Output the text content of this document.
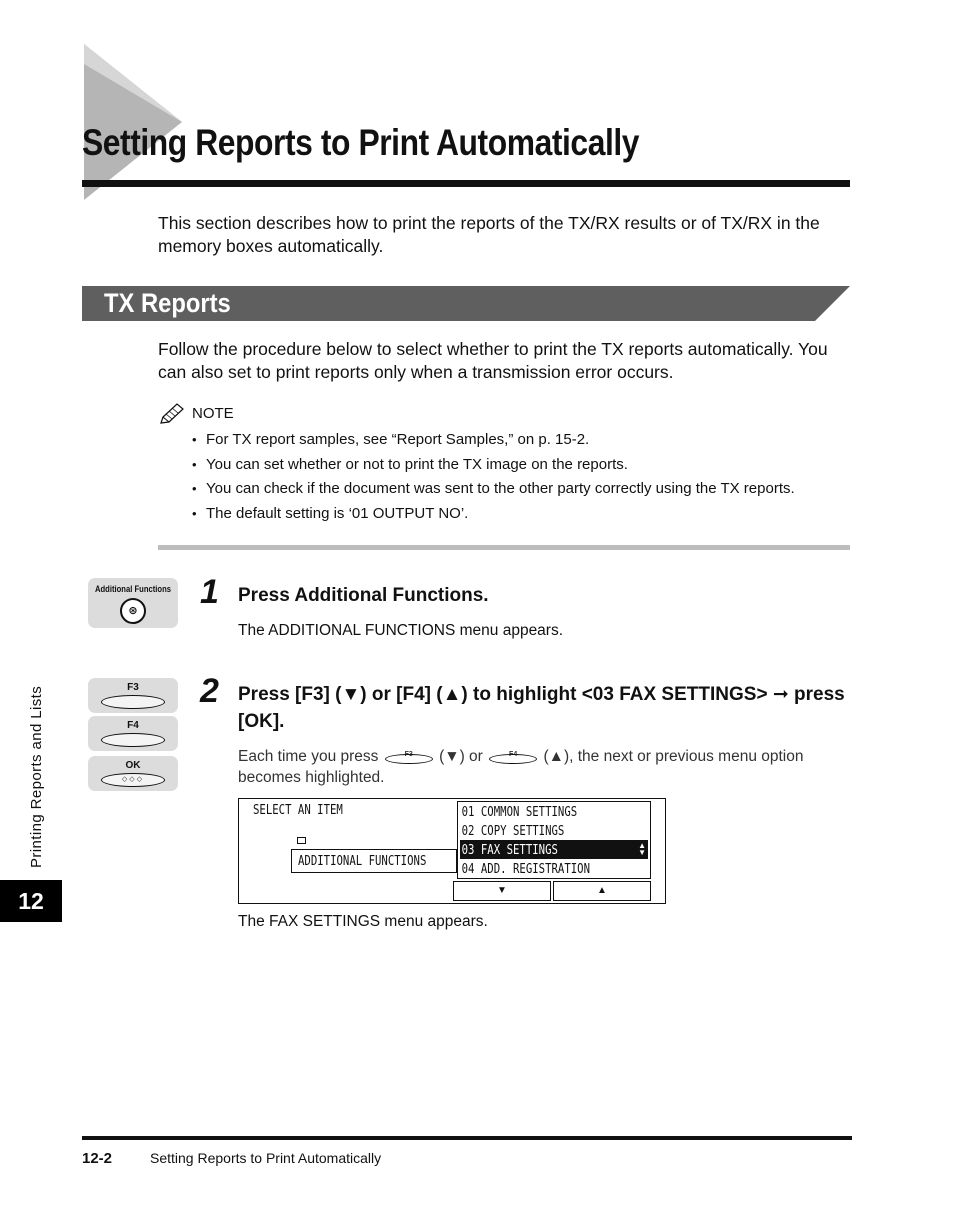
Setting Reports to Print Automatically
This section describes how to print the reports of the TX/RX results or of TX/RX in the memory boxes automatically.
TX Reports
Follow the procedure below to select whether to print the TX reports automatically. You can also set to print reports only when a transmission error occurs.
NOTE
• For TX report samples, see “Report Samples,” on p. 15-2.
• You can set whether or not to print the TX image on the reports.
• You can check if the document was sent to the other party correctly using the TX reports.
• The default setting is ‘01 OUTPUT NO’.
Additional Functions
⊛
F3
F4
OK
◇◇◇
1 Press Additional Functions.
The ADDITIONAL FUNCTIONS menu appears.
2 Press [F3] (▼) or [F4] (▲) to highlight <03 FAX SETTINGS> ➞ press [OK].
Each time you press	F3	(▼) or	F4	(▲), the next or previous menu option becomes highlighted.
SELECT AN ITEM
ADDITIONAL FUNCTIONS
01 COMMON SETTINGS
02 COPY SETTINGS
03 FAX SETTINGS	▲
▼
04 ADD. REGISTRATION
▼	▲
The FAX SETTINGS menu appears.
Printing Reports and Lists
12
12-2	Setting Reports to Print Automatically
